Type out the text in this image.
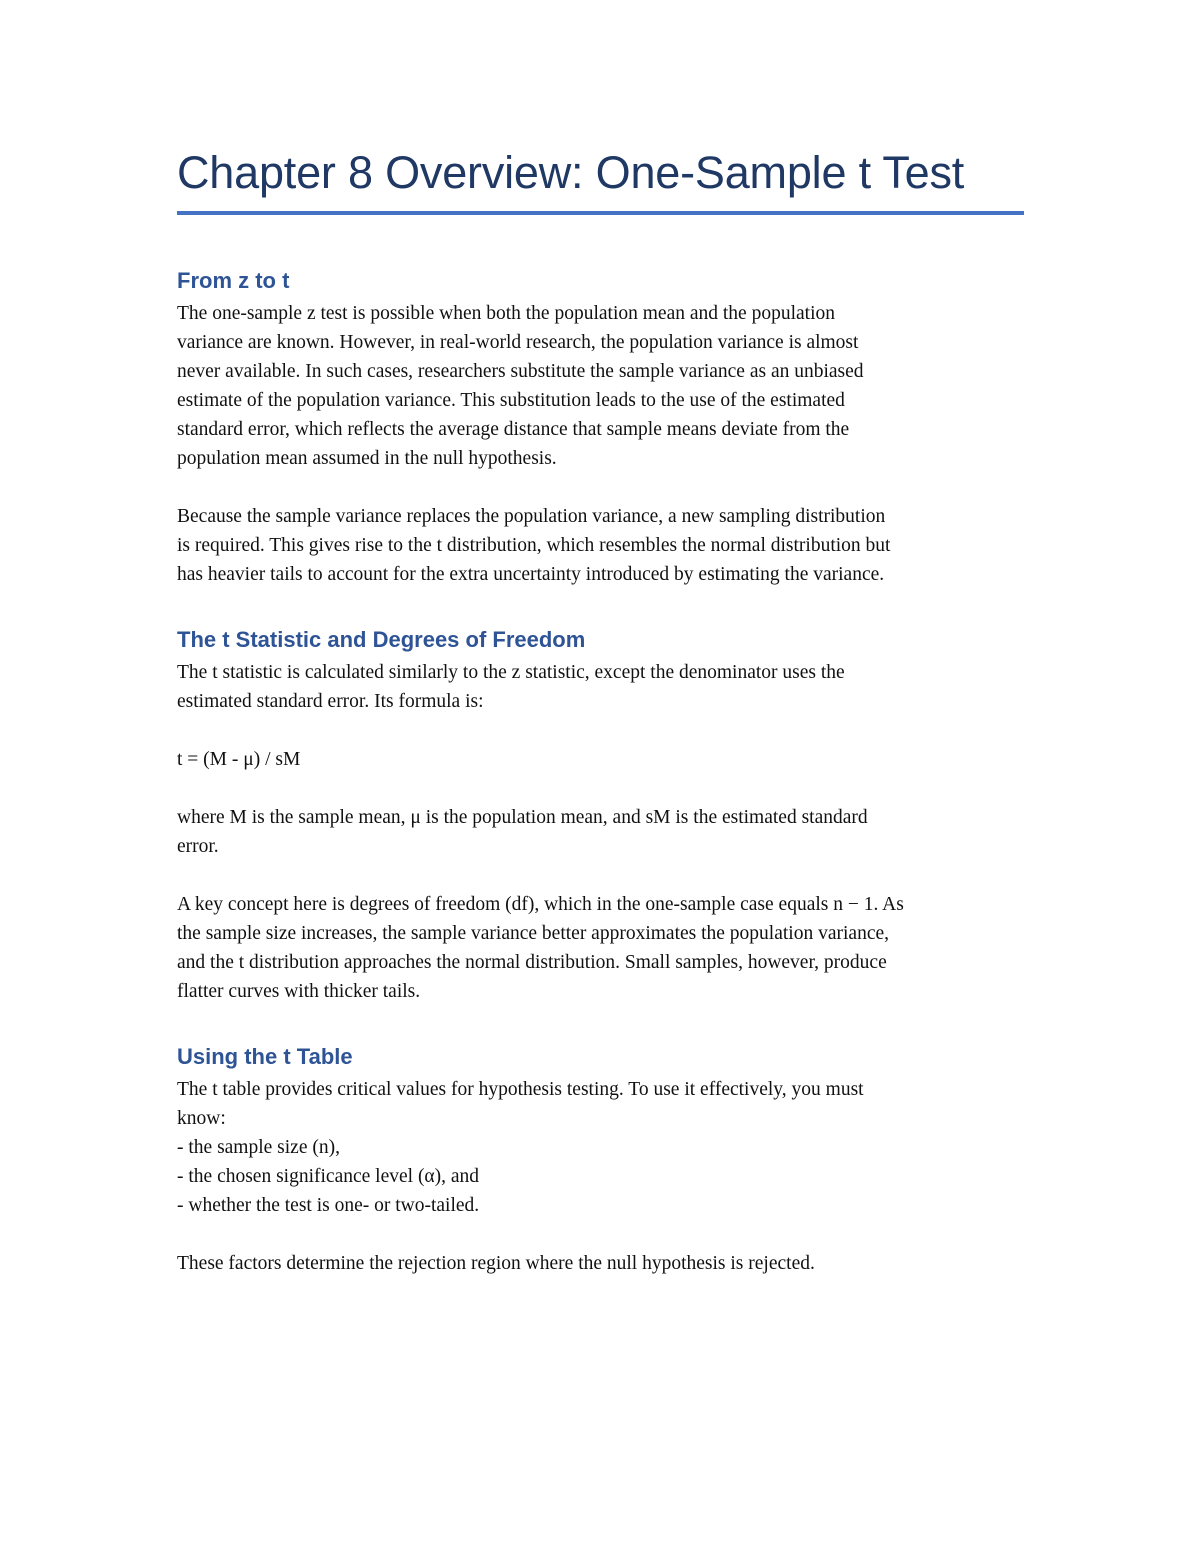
Chapter 8 Overview: One-Sample t Test
From z to t

The one-sample z test is possible when both the population mean and the population
variance are known. However, in real-world research, the population variance is almost
never available. In such cases, researchers substitute the sample variance as an unbiased
estimate of the population variance. This substitution leads to the use of the estimated
standard error, which reflects the average distance that sample means deviate from the
population mean assumed in the null hypothesis.

Because the sample variance replaces the population variance, a new sampling distribution
is required. This gives rise to the t distribution, which resembles the normal distribution but
has heavier tails to account for the extra uncertainty introduced by estimating the variance.

The t Statistic and Degrees of Freedom

The t statistic is calculated similarly to the z statistic, except the denominator uses the
estimated standard error. Its formula is:

t = (M - μ) / sM

where M is the sample mean, μ is the population mean, and sM is the estimated standard
error.

A key concept here is degrees of freedom (df), which in the one-sample case equals n − 1. As
the sample size increases, the sample variance better approximates the population variance,
and the t distribution approaches the normal distribution. Small samples, however, produce
flatter curves with thicker tails.

Using the t Table

The t table provides critical values for hypothesis testing. To use it effectively, you must
know:
- the sample size (n),
- the chosen significance level (α), and
- whether the test is one- or two-tailed.

These factors determine the rejection region where the null hypothesis is rejected.
